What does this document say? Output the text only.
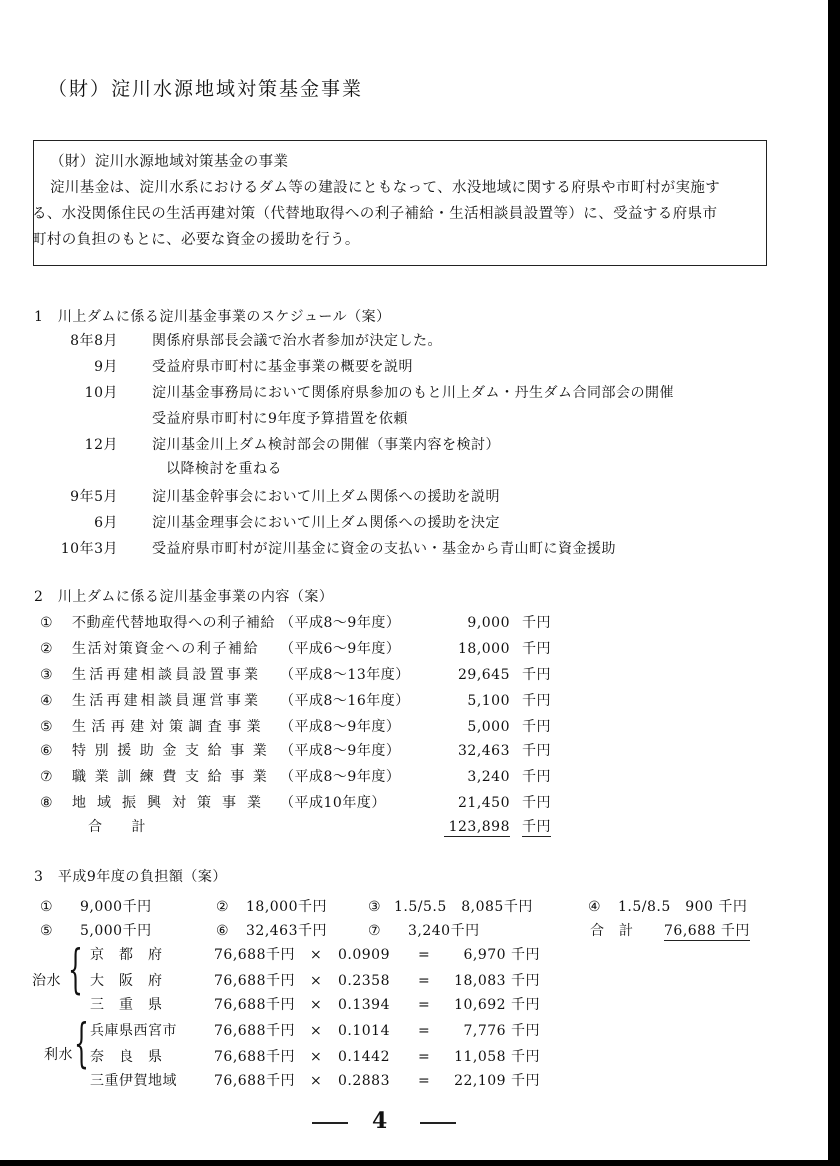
（財）淀川水源地域対策基金事業
（財）淀川水源地域対策基金の事業
淀川基金は、淀川水系におけるダム等の建設にともなって、水没地域に関する府県や市町村が実施す
る、水没関係住民の生活再建対策（代替地取得への利子補給・生活相談員設置等）に、受益する府県市
町村の負担のもとに、必要な資金の援助を行う。
1　川上ダムに係る淀川基金事業のスケジュール（案）
8年8月 関係府県部長会議で治水者参加が決定した。
9月 受益府県市町村に基金事業の概要を説明
10月 淀川基金事務局において関係府県参加のもと川上ダム・丹生ダム合同部会の開催
受益府県市町村に9年度予算措置を依頼
12月 淀川基金川上ダム検討部会の開催（事業内容を検討）
以降検討を重ねる
9年5月 淀川基金幹事会において川上ダム関係への援助を説明
6月 淀川基金理事会において川上ダム関係への援助を決定
10年3月 受益府県市町村が淀川基金に資金の支払い・基金から青山町に資金援助
2　川上ダムに係る淀川基金事業の内容（案）
① 不動産代替地取得への利子補給 （平成8～9年度）	9,000 千円
② 生活対策資金への利子補給 （平成6～9年度）	18,000 千円
③ 生活再建相談員設置事業 （平成8～13年度）	29,645 千円
④ 生活再建相談員運営事業 （平成8～16年度）	5,100 千円
⑤ 生活再建対策調査事業 （平成8～9年度）	5,000 千円
⑥ 特別援助金支給事業 （平成8～9年度）	32,463 千円
⑦ 職業訓練費支給事業 （平成8～9年度）	3,240 千円
⑧ 地域振興対策事業 （平成10年度）	21,450 千円
合　　計	123,898 千円
3　平成9年度の負担額（案）
① 9,000千円	② 18,000千円	③ 1.5/5.5　8,085千円	④ 1.5/8.5　900 千円
⑤ 5,000千円	⑥ 32,463千円	⑦ 3,240千円	合　計 76,688 千円
治水 { 京　都　府	76,688千円 × 0.0909 =	6,970 千円
大　阪　府	76,688千円 × 0.2358 =	18,083 千円
三　重　県	76,688千円 × 0.1394 =	10,692 千円
利水 { 兵庫県西宮市	76,688千円 × 0.1014 =	7,776 千円
奈　良　県	76,688千円 × 0.1442 =	11,058 千円
三重伊賀地域	76,688千円 × 0.2883 =	22,109 千円
4
